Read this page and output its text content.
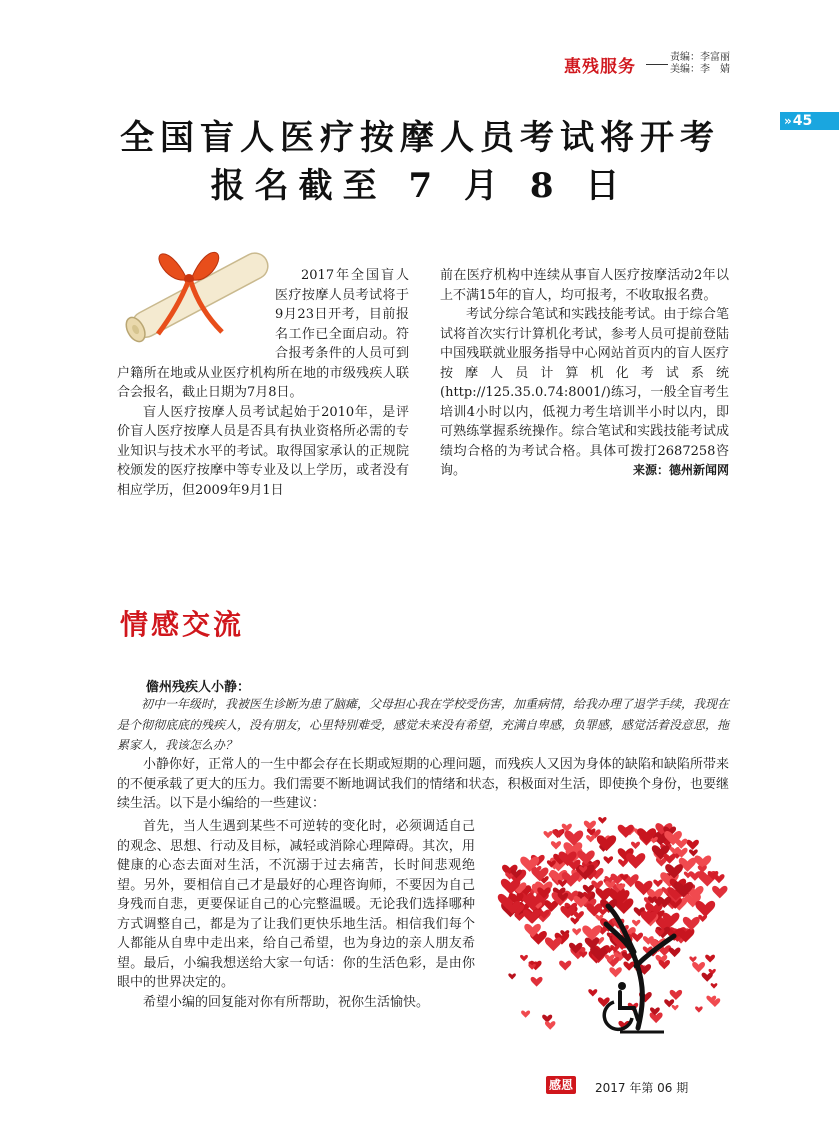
惠残服务	责编：李富丽
美编：李　婧
»45
全国盲人医疗按摩人员考试将开考
报名截至 7 月 8 日

2017年全国盲人医疗按摩人员考试将于9月23日开考，目前报名工作已全面启动。符合报考条件的人员可到户籍所在地或从业医疗机构所在地的市级残疾人联合会报名，截止日期为7月8日。

盲人医疗按摩人员考试起始于2010年，是评价盲人医疗按摩人员是否具有执业资格所必需的专业知识与技术水平的考试。取得国家承认的正规院校颁发的医疗按摩中等专业及以上学历，或者没有相应学历，但2009年9月1日

前在医疗机构中连续从事盲人医疗按摩活动2年以上不满15年的盲人，均可报考，不收取报名费。

考试分综合笔试和实践技能考试。由于综合笔试将首次实行计算机化考试，参考人员可提前登陆中国残联就业服务指导中心网站首页内的盲人医疗按摩人员计算机化考试系统(http://125.35.0.74:8001/)练习，一般全盲考生培训4小时以内，低视力考生培训半小时以内，即可熟练掌握系统操作。综合笔试和实践技能考试成绩均合格的为考试合格。具体可拨打2687258咨询。	来源：德州新闻网

情感交流
儋州残疾人小静：
初中一年级时，我被医生诊断为患了脑瘫，父母担心我在学校受伤害，加重病情，给我办理了退学手续，我现在是个彻彻底底的残疾人，没有朋友，心里特别难受，感觉未来没有希望，充满自卑感，负罪感，感觉活着没意思，拖累家人，我该怎么办？

小静你好，正常人的一生中都会存在长期或短期的心理问题，而残疾人又因为身体的缺陷和缺陷所带来的不便承载了更大的压力。我们需要不断地调试我们的情绪和状态，积极面对生活，即使换个身份，也要继续生活。以下是小编给的一些建议：

首先，当人生遇到某些不可逆转的变化时，必须调适自己的观念、思想、行动及目标，减轻或消除心理障碍。其次，用健康的心态去面对生活，不沉溺于过去痛苦，长时间悲观绝望。另外，要相信自己才是最好的心理咨询师，不要因为自己身残而自悲，更要保证自己的心完整温暖。无论我们选择哪种方式调整自己，都是为了让我们更快乐地生活。相信我们每个人都能从自卑中走出来，给自己希望，也为身边的亲人朋友希望。最后，小编我想送给大家一句话：你的生活色彩，是由你眼中的世界决定的。

希望小编的回复能对你有所帮助，祝你生活愉快。

感恩 2017 年第 06 期
